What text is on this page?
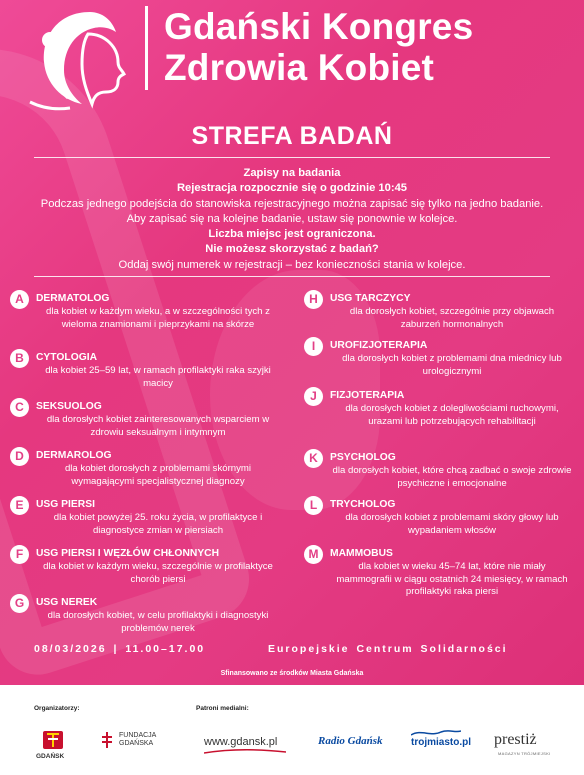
Gdański Kongres
Zdrowia Kobiet
STREFA BADAŃ
Zapisy na badania
Rejestracja rozpocznie się o godzinie 10:45
Podczas jednego podejścia do stanowiska rejestracyjnego można zapisać się tylko na jedno badanie.
Aby zapisać się na kolejne badanie, ustaw się ponownie w kolejce.
Liczba miejsc jest ograniczona.
Nie możesz skorzystać z badań?
Oddaj swój numerek w rejestracji – bez konieczności stania w kolejce.
A	DERMATOLOG
dla kobiet w każdym wieku, a w szczególności tych z wieloma znamionami i pieprzykami na skórze
B	CYTOLOGIA
dla kobiet 25–59 lat, w ramach profilaktyki raka szyjki macicy
C	SEKSUOLOG
dla dorosłych kobiet zainteresowanych wsparciem w zdrowiu seksualnym i intymnym
D	DERMAROLOG
dla kobiet dorosłych z problemami skórnymi wymagającymi specjalistycznej diagnozy
E	USG PIERSI
dla kobiet powyżej 25. roku życia, w profilaktyce i diagnostyce zmian w piersiach
F	USG PIERSI I WĘZŁÓW CHŁONNYCH
dla kobiet w każdym wieku, szczególnie w profilaktyce chorób piersi
G	USG NEREK
dla dorosłych kobiet, w celu profilaktyki i diagnostyki problemów nerek
H	USG TARCZYCY
dla dorosłych kobiet, szczególnie przy objawach zaburzeń hormonalnych
I	UROFIZJOTERAPIA
dla dorosłych kobiet z problemami dna miednicy lub urologicznymi
J	FIZJOTERAPIA
dla dorosłych kobiet z dolegliwościami ruchowymi, urazami lub potrzebujących rehabilitacji
K	PSYCHOLOG
dla dorosłych kobiet, które chcą zadbać o swoje zdrowie psychiczne i emocjonalne
L	TRYCHOLOG
dla dorosłych kobiet z problemami skóry głowy lub wypadaniem włosów
M	MAMMOBUS
dla kobiet w wieku 45–74 lat, które nie miały mammografii w ciągu ostatnich 24 miesięcy, w ramach profilaktyki raka piersi
08/03/2026 | 11.00–17.00	Europejskie Centrum Solidarności
Sfinansowano ze środków Miasta Gdańska
Organizatorzy:	Patroni medialni:
GDAŃSK
FUNDACJA
GDAŃSKA	www.gdansk.pl	Radio Gdańsk	trojmiasto.pl prestiż
MAGAZYN TRÓJMIEJSKI
